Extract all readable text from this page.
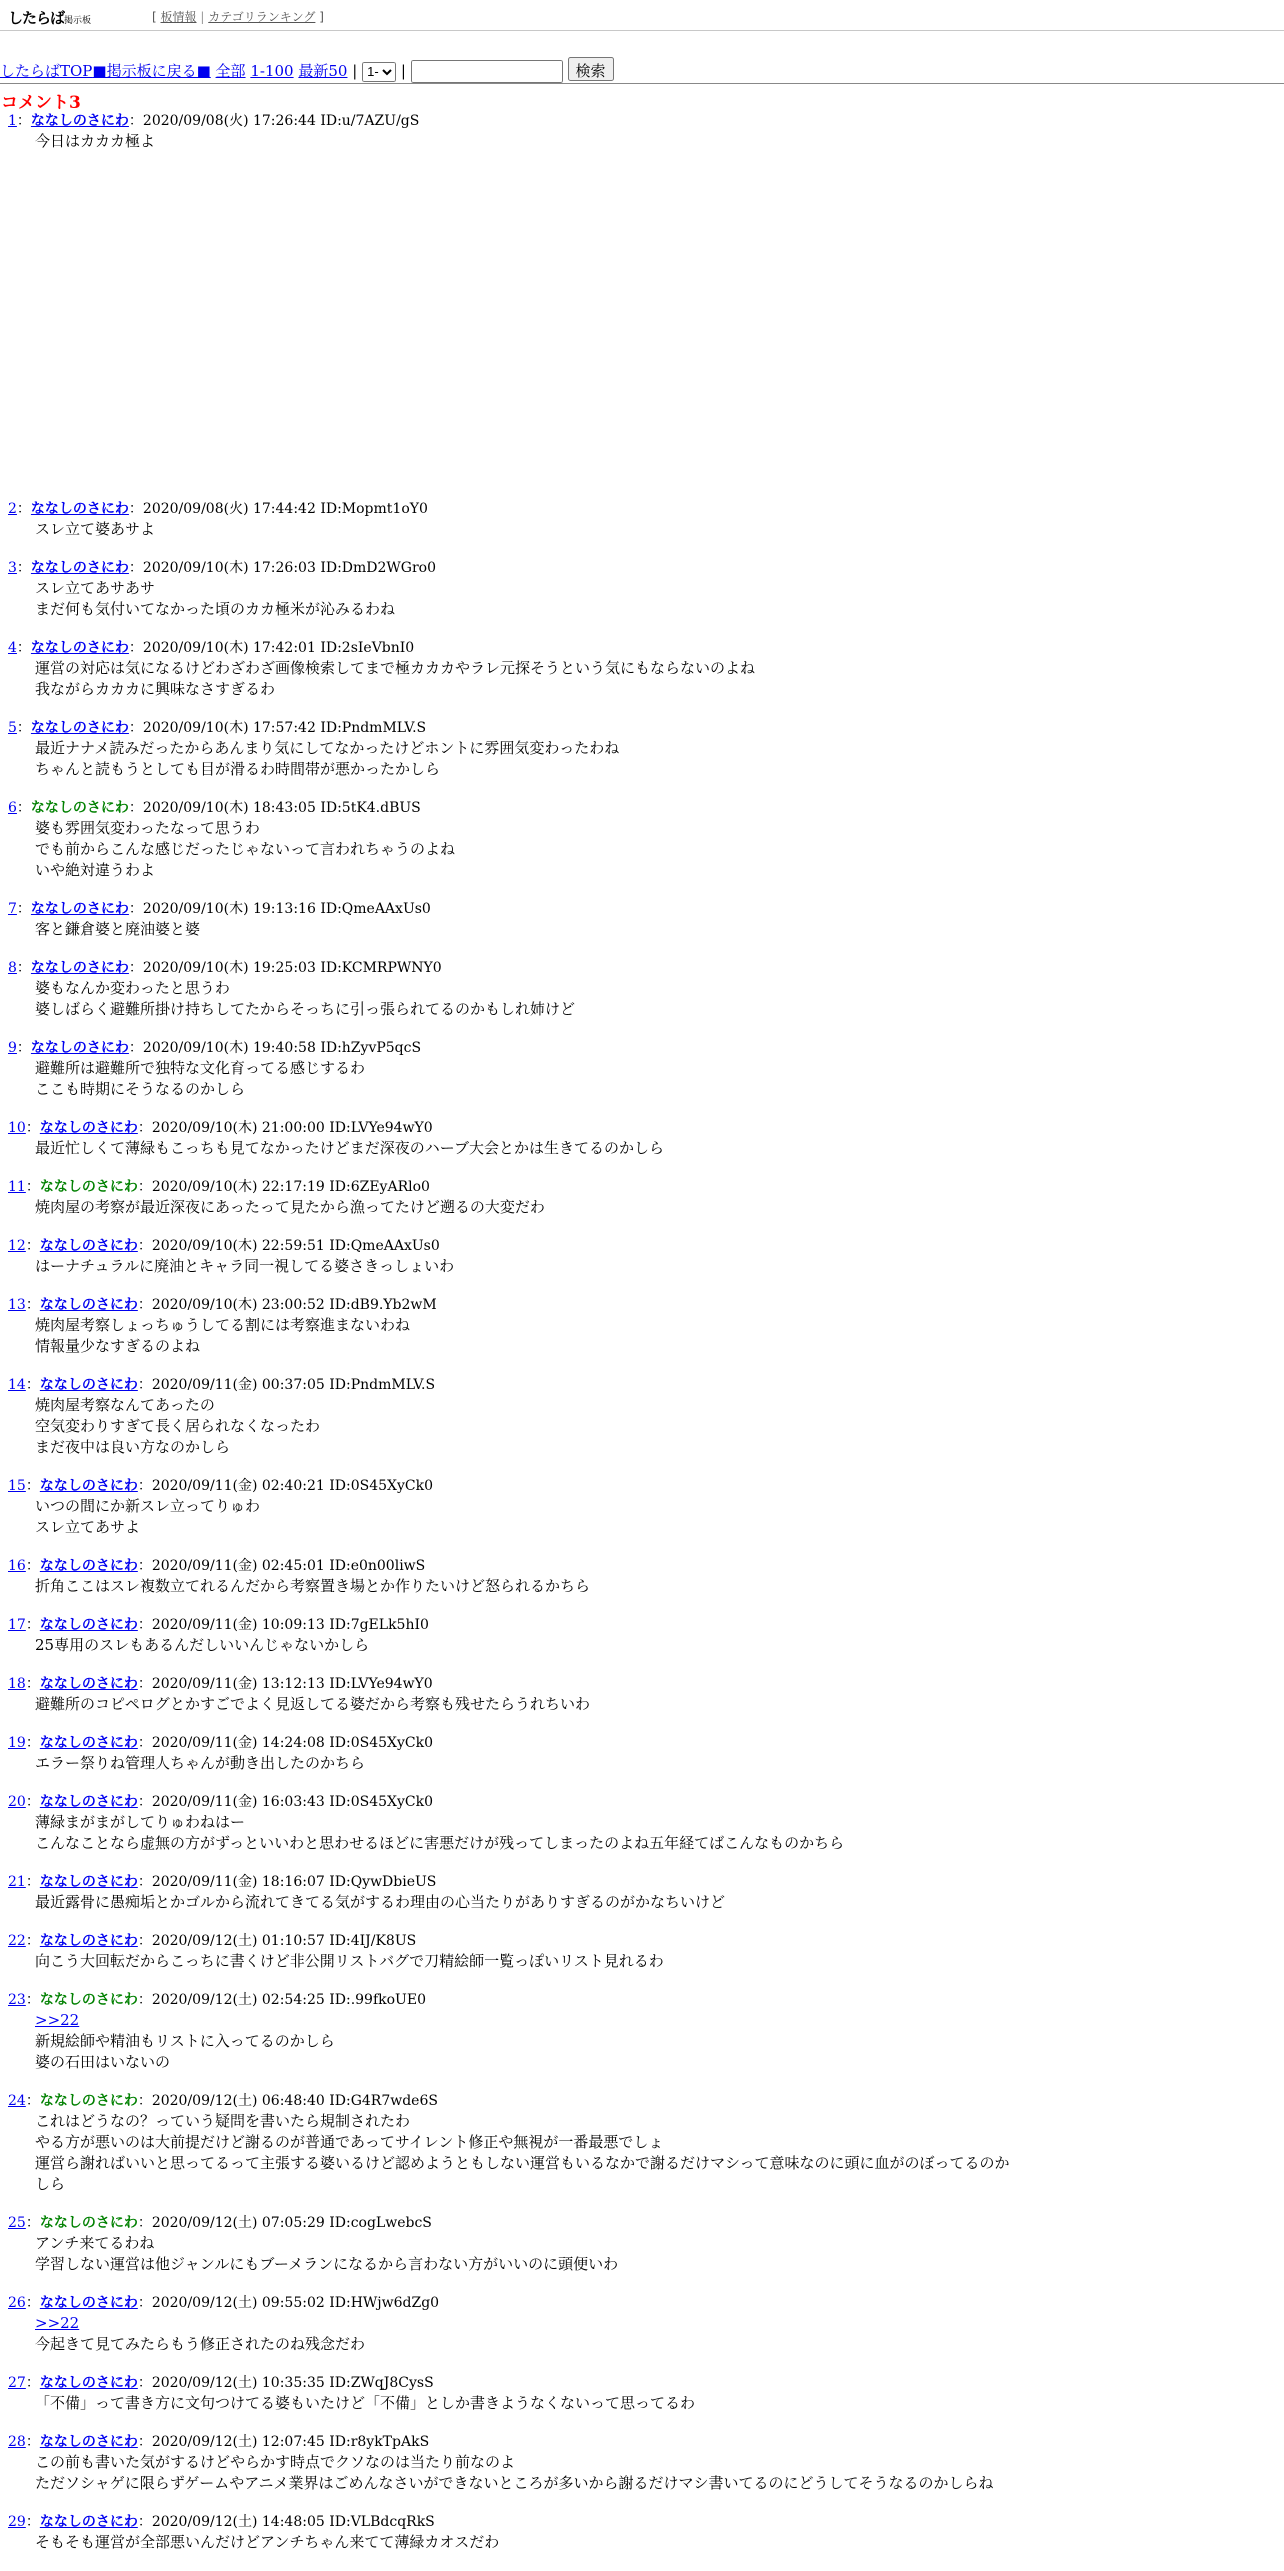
したらば掲示板	[ 板情報 | カテゴリランキング ]
したらばTOP■掲示板に戻る■ 全部 1-100 最新50 |
1-	|	検索
コメント3
1：ななしのさにわ：2020/09/08(火) 17:26:44 ID:u/7AZU/gS
今日はカカカ極よ
2：ななしのさにわ：2020/09/08(火) 17:44:42 ID:Mopmt1oY0
スレ立て婆あサよ
3：ななしのさにわ：2020/09/10(木) 17:26:03 ID:DmD2WGro0
スレ立てあサあサ
まだ何も気付いてなかった頃のカカ極米が沁みるわね
4：ななしのさにわ：2020/09/10(木) 17:42:01 ID:2sIeVbnI0
運営の対応は気になるけどわざわざ画像検索してまで極カカカやラレ元探そうという気にもならないのよね
我ながらカカカに興味なさすぎるわ
5：ななしのさにわ：2020/09/10(木) 17:57:42 ID:PndmMLV.S
最近ナナメ読みだったからあんまり気にしてなかったけどホントに雰囲気変わったわね
ちゃんと読もうとしても目が滑るわ時間帯が悪かったかしら
6：ななしのさにわ：2020/09/10(木) 18:43:05 ID:5tK4.dBUS
婆も雰囲気変わったなって思うわ
でも前からこんな感じだったじゃないって言われちゃうのよね
いや絶対違うわよ
7：ななしのさにわ：2020/09/10(木) 19:13:16 ID:QmeAAxUs0
客と鎌倉婆と廃油婆と婆
8：ななしのさにわ：2020/09/10(木) 19:25:03 ID:KCMRPWNY0
婆もなんか変わったと思うわ
婆しばらく避難所掛け持ちしてたからそっちに引っ張られてるのかもしれ姉けど
9：ななしのさにわ：2020/09/10(木) 19:40:58 ID:hZyvP5qcS
避難所は避難所で独特な文化育ってる感じするわ
ここも時期にそうなるのかしら
10：ななしのさにわ：2020/09/10(木) 21:00:00 ID:LVYe94wY0
最近忙しくて薄緑もこっちも見てなかったけどまだ深夜のハーブ大会とかは生きてるのかしら
11：ななしのさにわ：2020/09/10(木) 22:17:19 ID:6ZEyARlo0
焼肉屋の考察が最近深夜にあったって見たから漁ってたけど遡るの大変だわ
12：ななしのさにわ：2020/09/10(木) 22:59:51 ID:QmeAAxUs0
はーナチュラルに廃油とキャラ同一視してる婆さきっしょいわ
13：ななしのさにわ：2020/09/10(木) 23:00:52 ID:dB9.Yb2wM
焼肉屋考察しょっちゅうしてる割には考察進まないわね
情報量少なすぎるのよね
14：ななしのさにわ：2020/09/11(金) 00:37:05 ID:PndmMLV.S
焼肉屋考察なんてあったの
空気変わりすぎて長く居られなくなったわ
まだ夜中は良い方なのかしら
15：ななしのさにわ：2020/09/11(金) 02:40:21 ID:0S45XyCk0
いつの間にか新スレ立ってりゅわ
スレ立てあサよ
16：ななしのさにわ：2020/09/11(金) 02:45:01 ID:e0n00liwS
折角ここはスレ複数立てれるんだから考察置き場とか作りたいけど怒られるかちら
17：ななしのさにわ：2020/09/11(金) 10:09:13 ID:7gELk5hI0
25専用のスレもあるんだしいいんじゃないかしら
18：ななしのさにわ：2020/09/11(金) 13:12:13 ID:LVYe94wY0
避難所のコピペログとかすごでよく見返してる婆だから考察も残せたらうれちいわ
19：ななしのさにわ：2020/09/11(金) 14:24:08 ID:0S45XyCk0
エラー祭りね管理人ちゃんが動き出したのかちら
20：ななしのさにわ：2020/09/11(金) 16:03:43 ID:0S45XyCk0
薄緑まがまがしてりゅわねはー
こんなことなら虚無の方がずっといいわと思わせるほどに害悪だけが残ってしまったのよね五年経てばこんなものかちら
21：ななしのさにわ：2020/09/11(金) 18:16:07 ID:QywDbieUS
最近露骨に愚痴垢とかゴルから流れてきてる気がするわ理由の心当たりがありすぎるのがかなちいけど
22：ななしのさにわ：2020/09/12(土) 01:10:57 ID:4IJ/K8US
向こう大回転だからこっちに書くけど非公開リストバグで刀精絵師一覧っぽいリスト見れるわ
23：ななしのさにわ：2020/09/12(土) 02:54:25 ID:.99fkoUE0
>>22
新規絵師や精油もリストに入ってるのかしら
婆の石田はいないの
24：ななしのさにわ：2020/09/12(土) 06:48:40 ID:G4R7wde6S
これはどうなの？っていう疑問を書いたら規制されたわ
やる方が悪いのは大前提だけど謝るのが普通であってサイレント修正や無視が一番最悪でしょ
運営ら謝ればいいと思ってるって主張する婆いるけど認めようともしない運営もいるなかで謝るだけマシって意味なのに頭に血がのぼってるのか
しら
25：ななしのさにわ：2020/09/12(土) 07:05:29 ID:cogLwebcS
アンチ来てるわね
学習しない運営は他ジャンルにもブーメランになるから言わない方がいいのに頭便いわ
26：ななしのさにわ：2020/09/12(土) 09:55:02 ID:HWjw6dZg0
>>22
今起きて見てみたらもう修正されたのね残念だわ
27：ななしのさにわ：2020/09/12(土) 10:35:35 ID:ZWqJ8CysS
「不備」って書き方に文句つけてる婆もいたけど「不備」としか書きようなくないって思ってるわ
28：ななしのさにわ：2020/09/12(土) 12:07:45 ID:r8ykTpAkS
この前も書いた気がするけどやらかす時点でクソなのは当たり前なのよ
ただソシャゲに限らずゲームやアニメ業界はごめんなさいができないところが多いから謝るだけマシ書いてるのにどうしてそうなるのかしらね
29：ななしのさにわ：2020/09/12(土) 14:48:05 ID:VLBdcqRkS
そもそも運営が全部悪いんだけどアンチちゃん来てて薄緑カオスだわ
